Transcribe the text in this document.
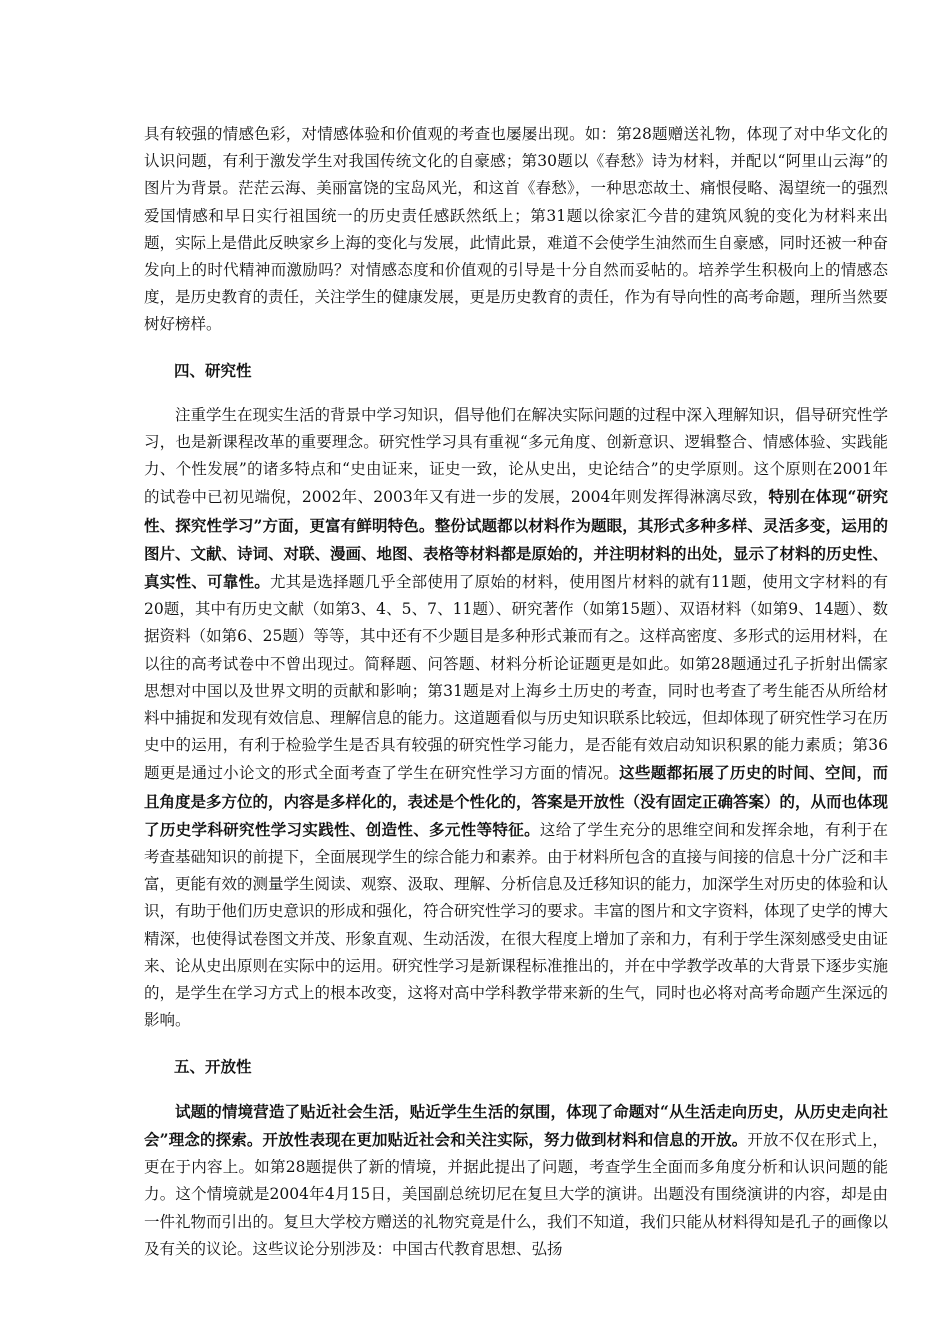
具有较强的情感色彩，对情感体验和价值观的考查也屡屡出现。如：第28题赠送礼物，体现了对中华文化的认识问题，有利于激发学生对我国传统文化的自豪感；第30题以《春愁》诗为材料，并配以“阿里山云海”的图片为背景。茫茫云海、美丽富饶的宝岛风光，和这首《春愁》，一种思恋故土、痛恨侵略、渴望统一的强烈爱国情感和早日实行祖国统一的历史责任感跃然纸上；第31题以徐家汇今昔的建筑风貌的变化为材料来出题，实际上是借此反映家乡上海的变化与发展，此情此景，难道不会使学生油然而生自豪感，同时还被一种奋发向上的时代精神而激励吗？对情感态度和价值观的引导是十分自然而妥帖的。培养学生积极向上的情感态度，是历史教育的责任，关注学生的健康发展，更是历史教育的责任，作为有导向性的高考命题，理所当然要树好榜样。

四、研究性

注重学生在现实生活的背景中学习知识，倡导他们在解决实际问题的过程中深入理解知识，倡导研究性学习，也是新课程改革的重要理念。研究性学习具有重视“多元角度、创新意识、逻辑整合、情感体验、实践能力、个性发展”的诸多特点和“史由证来，证史一致，论从史出，史论结合”的史学原则。这个原则在2001年的试卷中已初见端倪，2002年、2003年又有进一步的发展，2004年则发挥得淋漓尽致，特别在体现“研究性、探究性学习”方面，更富有鲜明特色。整份试题都以材料作为题眼，其形式多种多样、灵活多变，运用的图片、文献、诗词、对联、漫画、地图、表格等材料都是原始的，并注明材料的出处，显示了材料的历史性、真实性、可靠性。尤其是选择题几乎全部使用了原始的材料，使用图片材料的就有11题，使用文字材料的有20题，其中有历史文献（如第3、4、5、7、11题）、研究著作（如第15题）、双语材料（如第9、14题）、数据资料（如第6、25题）等等，其中还有不少题目是多种形式兼而有之。这样高密度、多形式的运用材料，在以往的高考试卷中不曾出现过。简释题、问答题、材料分析论证题更是如此。如第28题通过孔子折射出儒家思想对中国以及世界文明的贡献和影响；第31题是对上海乡土历史的考查，同时也考查了考生能否从所给材料中捕捉和发现有效信息、理解信息的能力。这道题看似与历史知识联系比较远，但却体现了研究性学习在历史中的运用，有利于检验学生是否具有较强的研究性学习能力，是否能有效启动知识积累的能力素质；第36题更是通过小论文的形式全面考查了学生在研究性学习方面的情况。这些题都拓展了历史的时间、空间，而且角度是多方位的，内容是多样化的，表述是个性化的，答案是开放性（没有固定正确答案）的，从而也体现了历史学科研究性学习实践性、创造性、多元性等特征。这给了学生充分的思维空间和发挥余地，有利于在考查基础知识的前提下，全面展现学生的综合能力和素养。由于材料所包含的直接与间接的信息十分广泛和丰富，更能有效的测量学生阅读、观察、汲取、理解、分析信息及迁移知识的能力，加深学生对历史的体验和认识，有助于他们历史意识的形成和强化，符合研究性学习的要求。丰富的图片和文字资料，体现了史学的博大精深，也使得试卷图文并茂、形象直观、生动活泼，在很大程度上增加了亲和力，有利于学生深刻感受史由证来、论从史出原则在实际中的运用。研究性学习是新课程标准推出的，并在中学教学改革的大背景下逐步实施的，是学生在学习方式上的根本改变，这将对高中学科教学带来新的生气，同时也必将对高考命题产生深远的影响。

五、开放性

试题的情境营造了贴近社会生活，贴近学生生活的氛围，体现了命题对“从生活走向历史，从历史走向社会”理念的探索。开放性表现在更加贴近社会和关注实际，努力做到材料和信息的开放。开放不仅在形式上，更在于内容上。如第28题提供了新的情境，并据此提出了问题，考查学生全面而多角度分析和认识问题的能力。这个情境就是2004年4月15日，美国副总统切尼在复旦大学的演讲。出题没有围绕演讲的内容，却是由一件礼物而引出的。复旦大学校方赠送的礼物究竟是什么，我们不知道，我们只能从材料得知是孔子的画像以及有关的议论。这些议论分别涉及：中国古代教育思想、弘扬
